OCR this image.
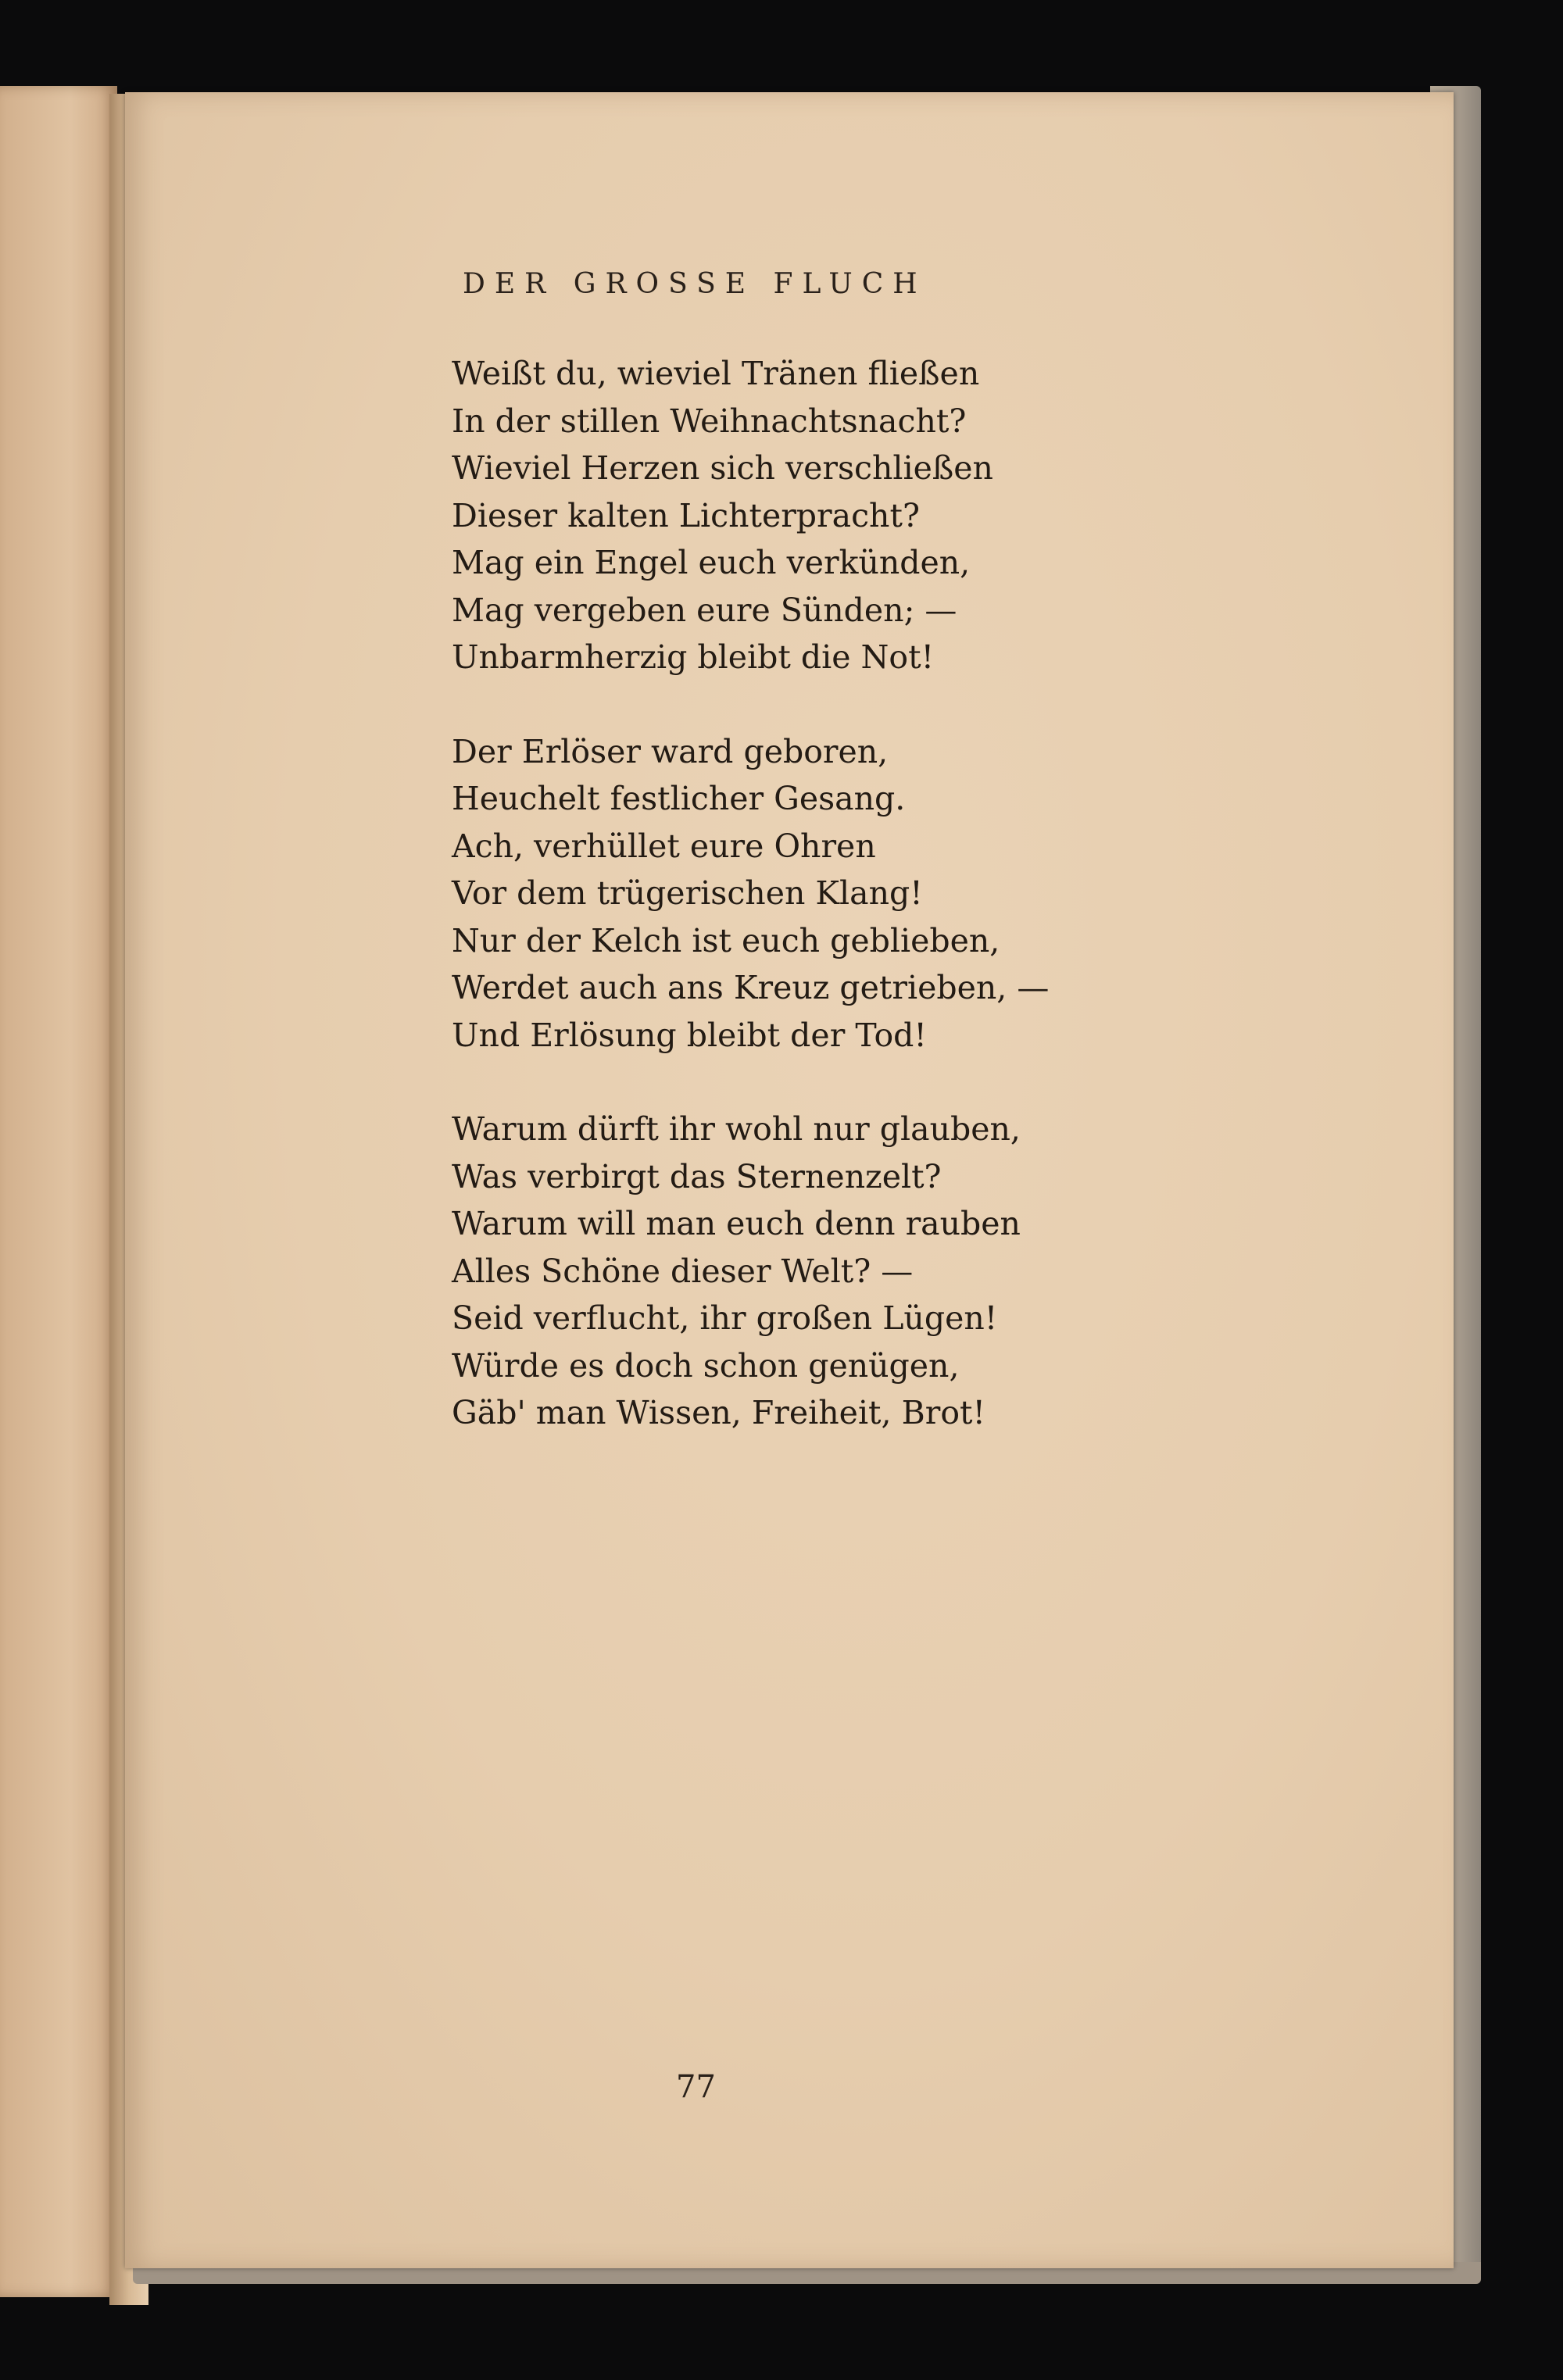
DER GROSSE FLUCH
Weißt du, wieviel Tränen fließen
In der stillen Weihnachtsnacht?
Wieviel Herzen sich verschließen
Dieser kalten Lichterpracht?
Mag ein Engel euch verkünden,
Mag vergeben eure Sünden; —
Unbarmherzig bleibt die Not!
Der Erlöser ward geboren,
Heuchelt festlicher Gesang.
Ach, verhüllet eure Ohren
Vor dem trügerischen Klang!
Nur der Kelch ist euch geblieben,
Werdet auch ans Kreuz getrieben, —
Und Erlösung bleibt der Tod!
Warum dürft ihr wohl nur glauben,
Was verbirgt das Sternenzelt?
Warum will man euch denn rauben
Alles Schöne dieser Welt? —
Seid verflucht, ihr großen Lügen!
Würde es doch schon genügen,
Gäb' man Wissen, Freiheit, Brot!
77
